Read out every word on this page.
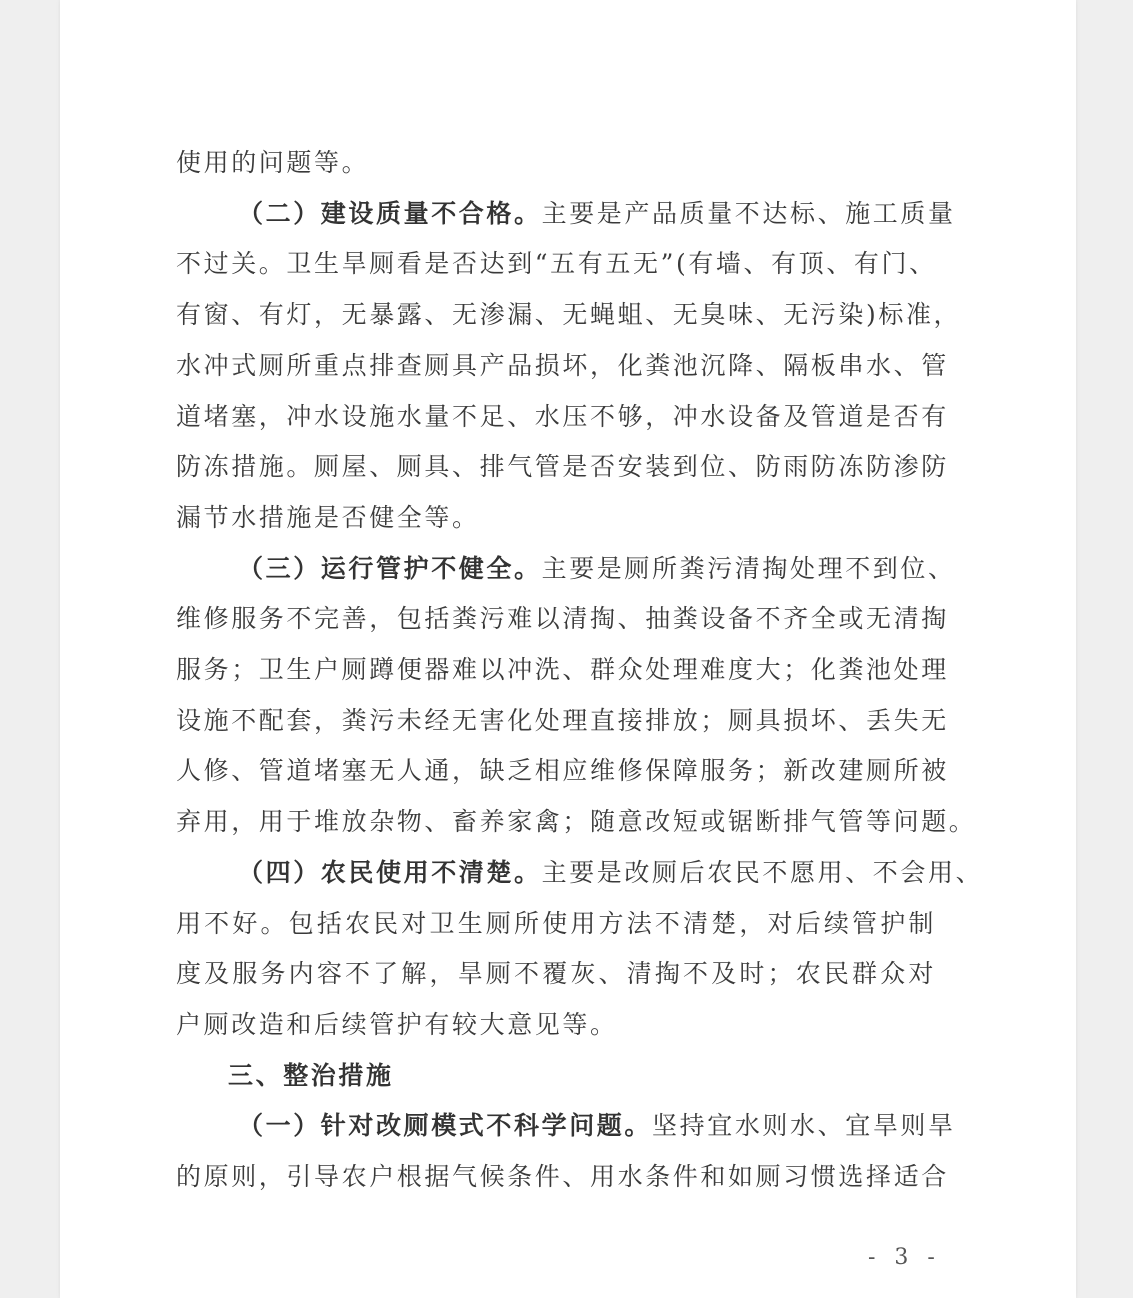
使用的问题等。

（二）建设质量不合格。主要是产品质量不达标、施工质量
不过关。卫生旱厕看是否达到“五有五无”(有墙、有顶、有门、
有窗、有灯，无暴露、无渗漏、无蝇蛆、无臭味、无污染)标准，
水冲式厕所重点排查厕具产品损坏，化粪池沉降、隔板串水、管
道堵塞，冲水设施水量不足、水压不够，冲水设备及管道是否有
防冻措施。厕屋、厕具、排气管是否安装到位、防雨防冻防渗防
漏节水措施是否健全等。

（三）运行管护不健全。主要是厕所粪污清掏处理不到位、
维修服务不完善，包括粪污难以清掏、抽粪设备不齐全或无清掏
服务；卫生户厕蹲便器难以冲洗、群众处理难度大；化粪池处理
设施不配套，粪污未经无害化处理直接排放；厕具损坏、丢失无
人修、管道堵塞无人通，缺乏相应维修保障服务；新改建厕所被
弃用，用于堆放杂物、畜养家禽；随意改短或锯断排气管等问题。

（四）农民使用不清楚。主要是改厕后农民不愿用、不会用、
用不好。包括农民对卫生厕所使用方法不清楚，对后续管护制
度及服务内容不了解，旱厕不覆灰、清掏不及时；农民群众对
户厕改造和后续管护有较大意见等。

三、整治措施

（一）针对改厕模式不科学问题。坚持宜水则水、宜旱则旱
的原则，引导农户根据气候条件、用水条件和如厕习惯选择适合

- 3 -
